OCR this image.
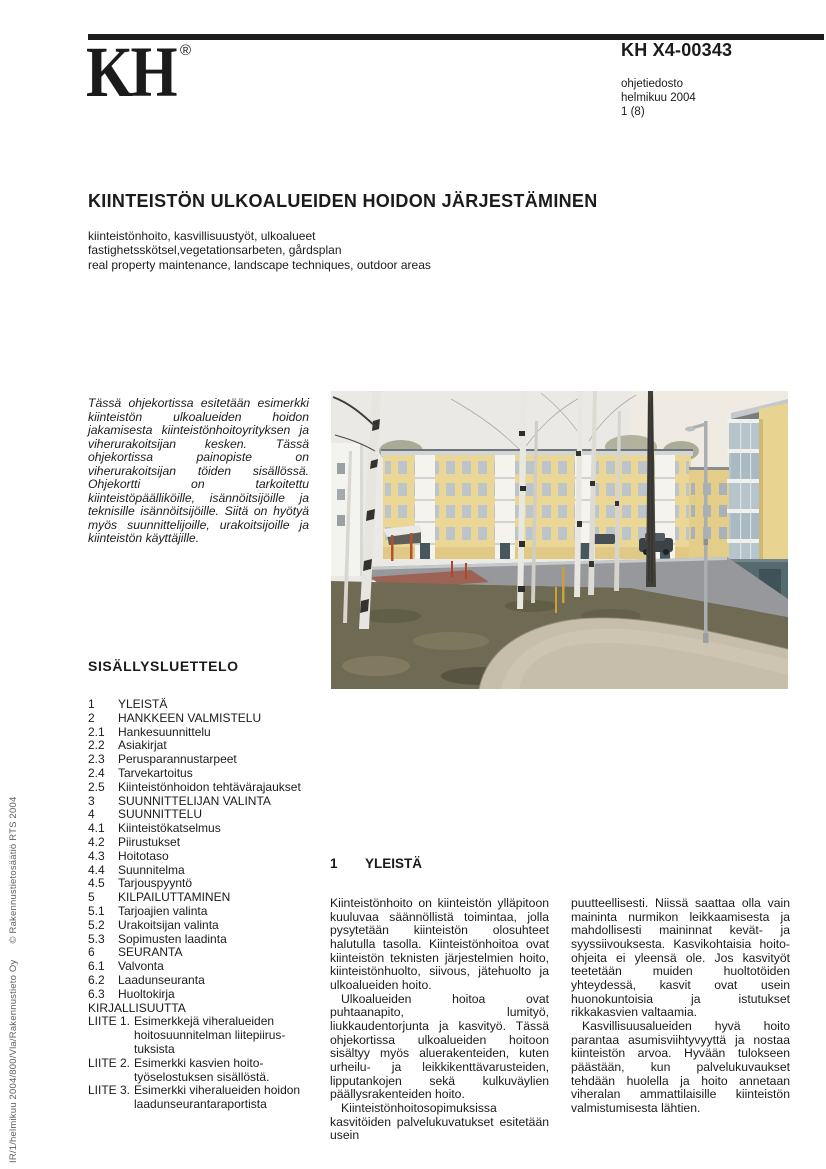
KH ®	KH X4-00343
ohjetiedosto
helmikuu 2004
1 (8)
KIINTEISTÖN ULKOALUEIDEN HOIDON JÄRJESTÄMINEN
kiinteistönhoito, kasvillisuustyöt, ulkoalueet
fastighetsskötsel,vegetationsarbeten, gårdsplan
real property maintenance, landscape techniques, outdoor areas

Tässä ohjekortissa esitetään esimerkki kiinteistön ulkoalueiden hoidon jakamisesta kiinteistönhoitoyrityksen ja viherurakoitsijan kesken. Tässä ohjekortissa painopiste on viherurakoitsijan töiden sisällössä. Ohjekortti on tarkoitettu kiinteistöpäälliköille, isännöitsijöille ja teknisille isännöitsijöille. Siitä on hyötyä myös suunnittelijoille, urakoitsijoille ja kiinteistön käyttäjille.

SISÄLLYSLUETTELO
1	YLEISTÄ
2	HANKKEEN VALMISTELU
2.1	Hankesuunnittelu
2.2	Asiakirjat
2.3	Perusparannustarpeet
2.4	Tarvekartoitus
2.5	Kiinteistönhoidon tehtävärajaukset
3	SUUNNITTELIJAN VALINTA
4	SUUNNITTELU
4.1	Kiinteistökatselmus
4.2	Piirustukset
4.3	Hoitotaso
4.4	Suunnitelma
4.5	Tarjouspyyntö
5	KILPAILUTTAMINEN
5.1	Tarjoajien valinta
5.2	Urakoitsijan valinta
5.3	Sopimusten laadinta
6	SEURANTA
6.1	Valvonta
6.2	Laadunseuranta
6.3	Huoltokirja
KIRJALLISUUTTA
LIITE 1. Esimerkkejä viheralueiden
hoitosuunnitelman liitepiirus-
tuksista
LIITE 2. Esimerkki kasvien hoito-
työselostuksen sisällöstä.
LIITE 3. Esimerkki viheralueiden hoidon
laadunseurantaraportista
1 YLEISTÄ

Kiinteistönhoito on kiinteistön ylläpitoon kuuluvaa säännöllistä toimintaa, jolla pysytetään kiinteistön olosuhteet halutulla tasolla. Kiinteistönhoitoa ovat kiinteistön teknisten järjestelmien hoito, kiinteistönhuolto, siivous, jätehuolto ja ulkoalueiden hoito.

Ulkoalueiden hoitoa ovat puhtaanapito, lumityö, liukkaudentorjunta ja kasvityö. Tässä ohjekortissa ulkoalueiden hoitoon sisältyy myös aluerakenteiden, kuten urheilu- ja leikkikenttävarusteiden, lipputankojen sekä kulkuväylien päällysrakenteiden hoito.

Kiinteistönhoitosopimuksissa kasvitöiden palvelukuvatukset esitetään usein

puutteellisesti. Niissä saattaa olla vain maininta nurmikon leikkaamisesta ja mahdollisesti maininnat kevät- ja syyssiivouksesta. Kasvikohtaisia hoito-ohjeita ei yleensä ole. Jos kasvityöt teetetään muiden huoltotöiden yhteydessä, kasvit ovat usein huonokuntoisia ja istutukset rikkakasvien valtaamia.

Kasvillisuusalueiden hyvä hoito parantaa asumisviihtyvyyttä ja nostaa kiinteistön arvoa. Hyvään tulokseen päästään, kun palvelukuvaukset tehdään huolella ja hoito annetaan viheralan ammattilaisille kiinteistön valmistumisesta lähtien.

IR/1/helmikuu 2004/800/Vla/Rakennustieto Oy© Rakennustietosäätiö RTS 2004
